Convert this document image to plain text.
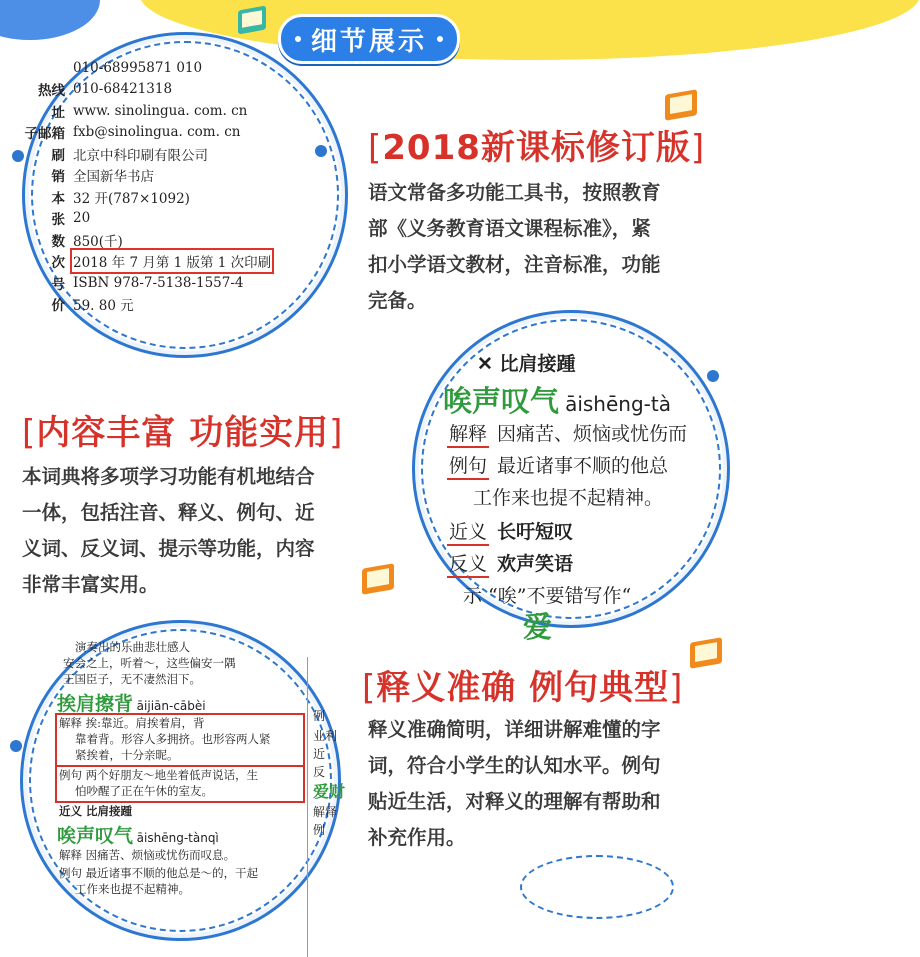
细节展示
010-68995871 010
热线 010-68421318
址 www. sinolingua. com. cn
子邮箱 fxb@sinolingua. com. cn
刷 北京中科印刷有限公司
销 全国新华书店
本 32 开(787×1092)
张 20
数 850(千)
次 2018 年 7 月第 1 版第 1 次印刷
号 ISBN 978-7-5138-1557-4
价 59. 80 元
[2018新课标修订版]
语文常备多功能工具书，按照教育
部《义务教育语文课程标准》，紧
扣小学语文教材，注音标准，功能
完备。
[内容丰富 功能实用]
本词典将多项学习功能有机地结合
一体，包括注音、释义、例句、近
义词、反义词、提示等功能，内容
非常丰富实用。
✕ 比肩接踵
唉声叹气 āishēng-tà
解释 因痛苦、烦恼或忧伤而
例句 最近诸事不顺的他总
工作来也提不起精神。
近义 长吁短叹
反义 欢声笑语
示 “唉”不要错写作“
爱
演奏出的乐曲悲壮感人
安会之上，听着～，这些偏安一隅
王国臣子，无不凄然泪下。
挨肩擦背 āijiān-cābèi
解释 挨:靠近。肩挨着肩，背
靠着背。形容人多拥挤。也形容两人紧
紧挨着，十分亲昵。
例句 两个好朋友～地坐着低声说话，生
怕吵醒了正在午休的室友。
近义 比肩接踵
唉声叹气 āishēng-tànqì
解释 因痛苦、烦恼或忧伤而叹息。
例句 最近诸事不顺的他总是～的，干起
工作来也提不起精神。
例
业利
近
反
爱财
解释
例
[释义准确 例句典型]
释义准确简明，详细讲解难懂的字
词，符合小学生的认知水平。例句
贴近生活，对释义的理解有帮助和
补充作用。
